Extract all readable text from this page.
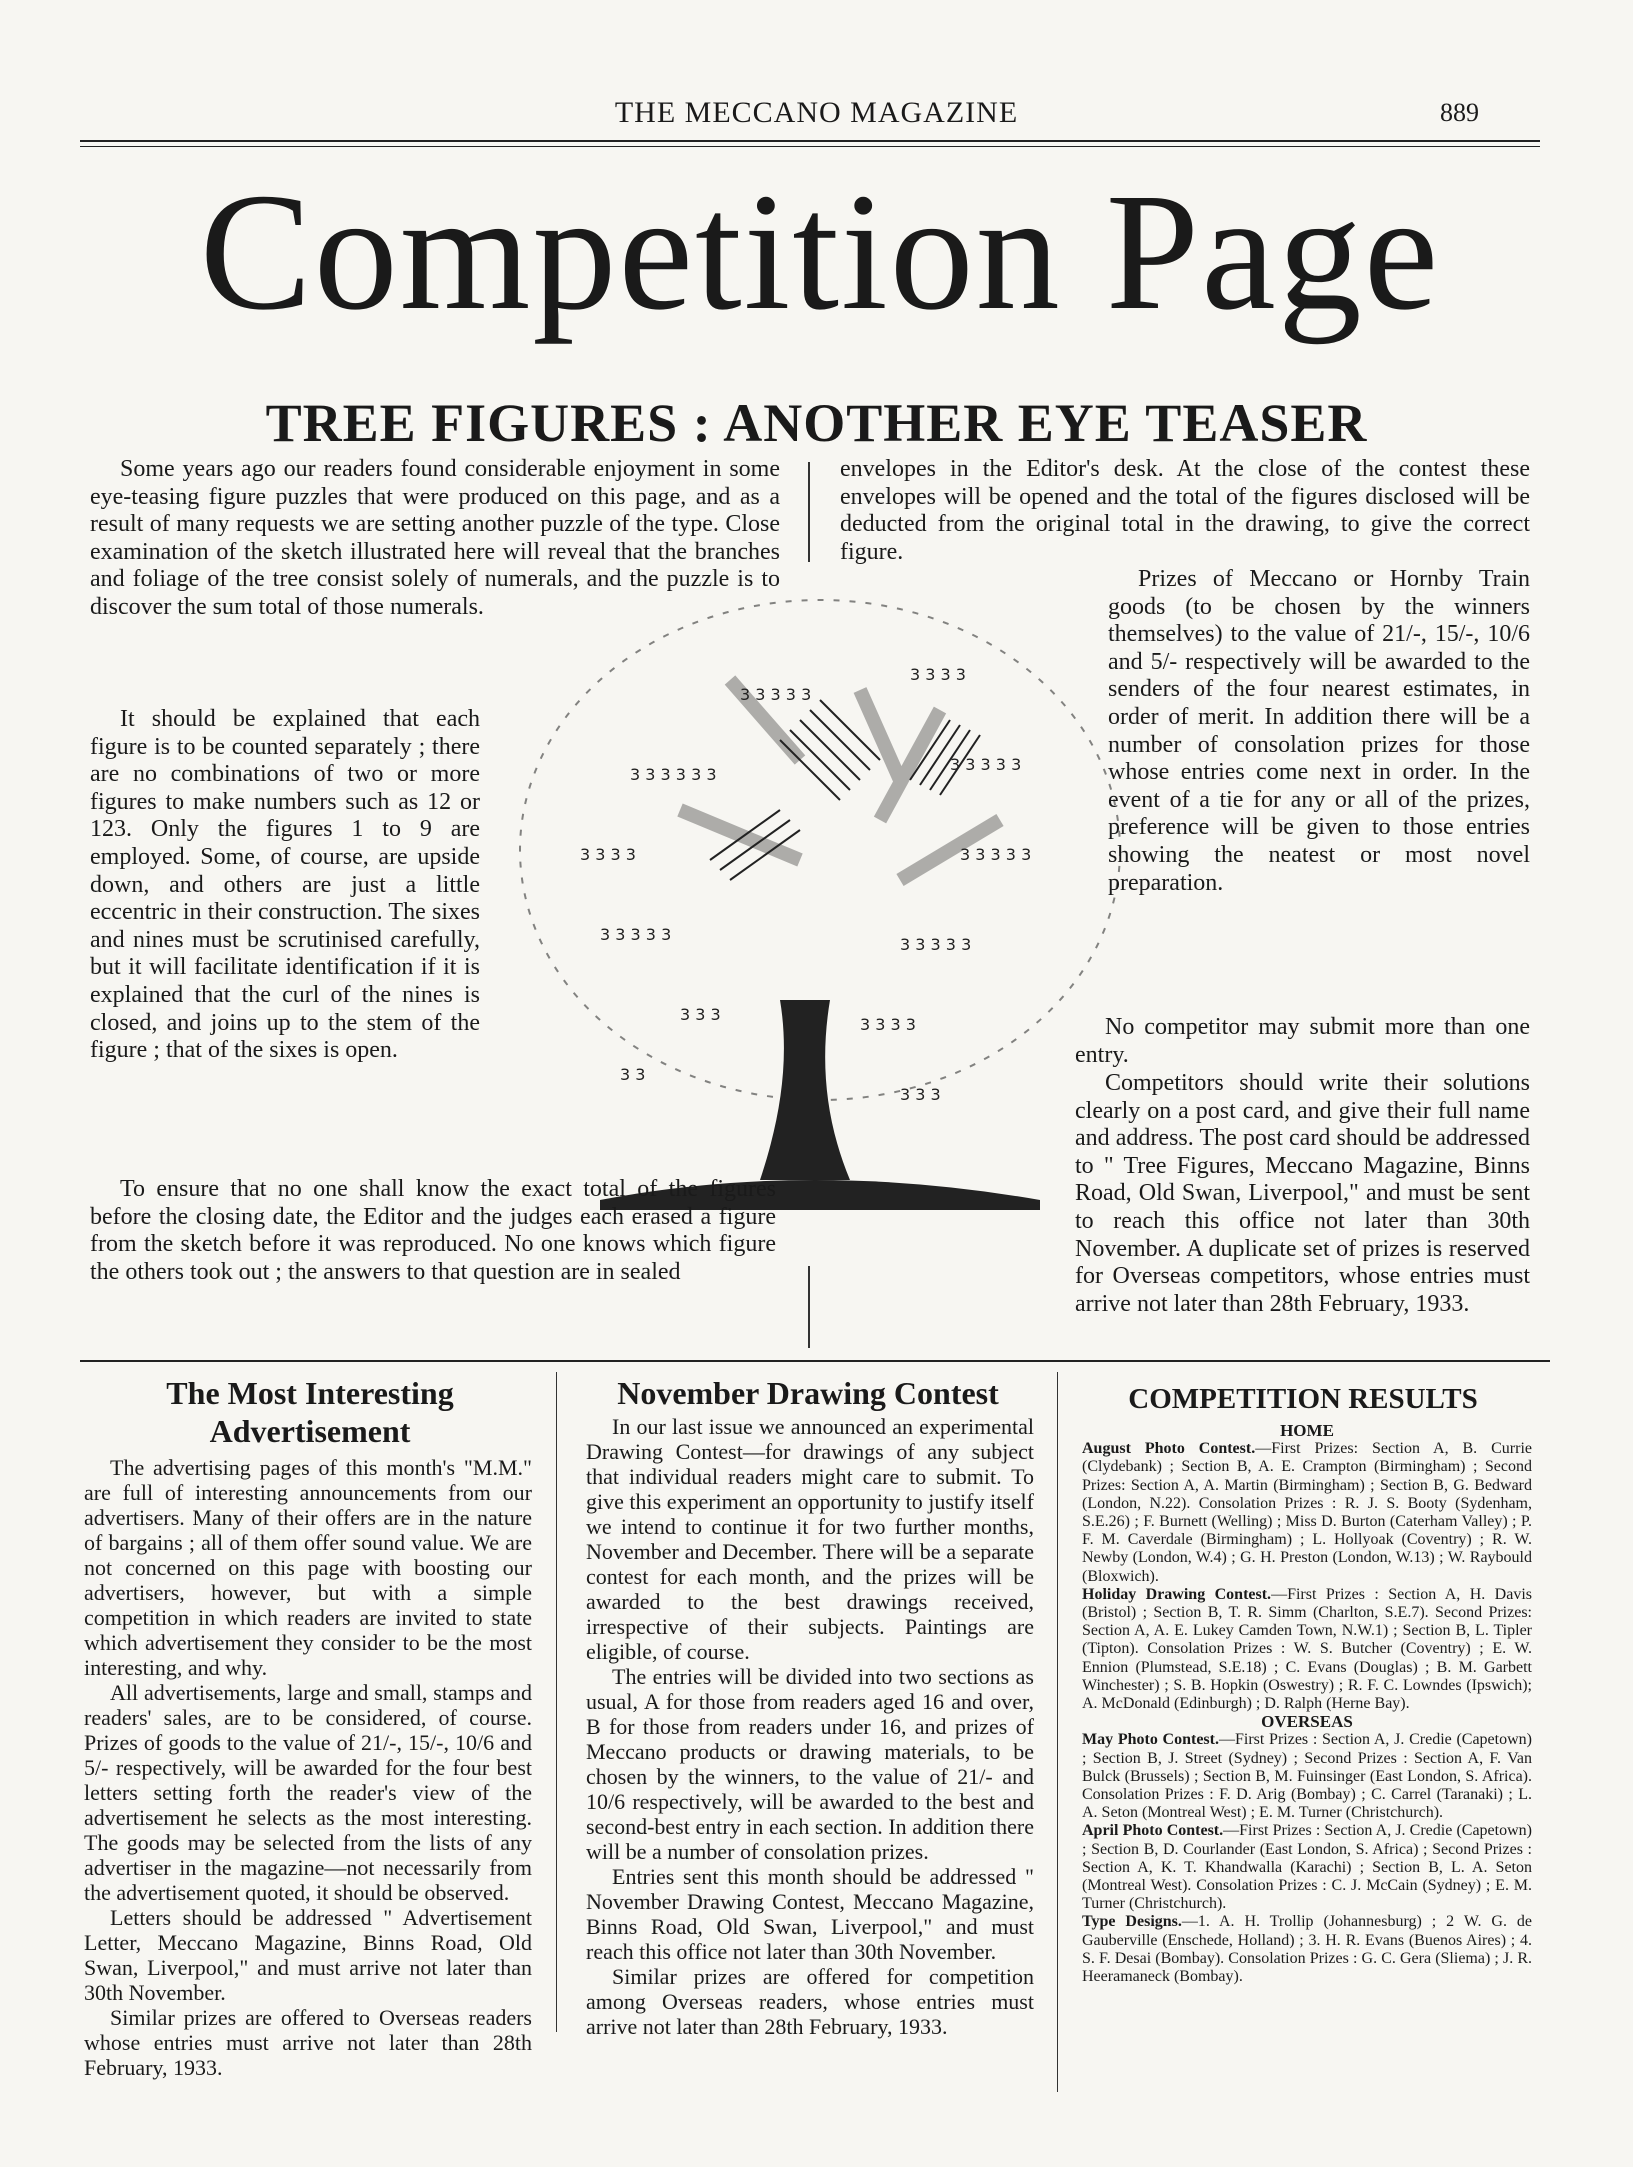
THE MECCANO MAGAZINE	889
Competition Page
TREE FIGURES : ANOTHER EYE TEASER
3 3 3 3 3
3 3 3 3
3 3 3 3 3 3
3 3 3 3 3
3 3 3 3	3 3 3 3 3
3 3 3 3 3
3 3 3 3 3
3 3 3
3 3 3 3
3 3
3 3 3

Some years ago our readers found considerable enjoyment in some eye-teasing figure puzzles that were produced on this page, and as a result of many requests we are setting another puzzle of the type. Close examination of the sketch illustrated here will reveal that the branches and foliage of the tree consist solely of numerals, and the puzzle is to discover the sum total of those numerals.

It should be explained that each figure is to be counted separately ; there are no combinations of two or more figures to make numbers such as 12 or 123. Only the figures 1 to 9 are employed. Some, of course, are upside down, and others are just a little eccentric in their construction. The sixes and nines must be scrutinised carefully, but it will facilitate identification if it is explained that the curl of the nines is closed, and joins up to the stem of the figure ; that of the sixes is open.

To ensure that no one shall know the exact total of the figures before the closing date, the Editor and the judges each erased a figure from the sketch before it was reproduced. No one knows which figure the others took out ; the answers to that question are in sealed

envelopes in the Editor's desk. At the close of the contest these envelopes will be opened and the total of the figures disclosed will be deducted from the original total in the drawing, to give the correct figure.

Prizes of Meccano or Hornby Train goods (to be chosen by the winners themselves) to the value of 21/-, 15/-, 10/6 and 5/- respectively will be awarded to the senders of the four nearest estimates, in order of merit. In addition there will be a number of consolation prizes for those whose entries come next in order. In the event of a tie for any or all of the prizes, preference will be given to those entries showing the neatest or most novel preparation.

No competitor may submit more than one entry.

Competitors should write their solutions clearly on a post card, and give their full name and address. The post card should be addressed to " Tree Figures, Meccano Magazine, Binns Road, Old Swan, Liverpool," and must be sent to reach this office not later than 30th November. A duplicate set of prizes is reserved for Overseas competitors, whose entries must arrive not later than 28th February, 1933.

The Most Interesting Advertisement

The advertising pages of this month's "M.M." are full of interesting announcements from our advertisers. Many of their offers are in the nature of bargains ; all of them offer sound value. We are not concerned on this page with boosting our advertisers, however, but with a simple competition in which readers are invited to state which advertisement they consider to be the most interesting, and why.

All advertisements, large and small, stamps and readers' sales, are to be considered, of course. Prizes of goods to the value of 21/-, 15/-, 10/6 and 5/- respectively, will be awarded for the four best letters setting forth the reader's view of the advertisement he selects as the most interesting. The goods may be selected from the lists of any advertiser in the magazine—not necessarily from the advertisement quoted, it should be observed.

Letters should be addressed " Advertisement Letter, Meccano Magazine, Binns Road, Old Swan, Liverpool," and must arrive not later than 30th November.

Similar prizes are offered to Overseas readers whose entries must arrive not later than 28th February, 1933.

November Drawing Contest

In our last issue we announced an experimental Drawing Contest—for drawings of any subject that individual readers might care to submit. To give this experiment an opportunity to justify itself we intend to continue it for two further months, November and December. There will be a separate contest for each month, and the prizes will be awarded to the best drawings received, irrespective of their subjects. Paintings are eligible, of course.

The entries will be divided into two sections as usual, A for those from readers aged 16 and over, B for those from readers under 16, and prizes of Meccano products or drawing materials, to be chosen by the winners, to the value of 21/- and 10/6 respectively, will be awarded to the best and second-best entry in each section. In addition there will be a number of consolation prizes.

Entries sent this month should be addressed " November Drawing Contest, Meccano Magazine, Binns Road, Old Swan, Liverpool," and must reach this office not later than 30th November.

Similar prizes are offered for competition among Overseas readers, whose entries must arrive not later than 28th February, 1933.

COMPETITION RESULTS

HOME

August Photo Contest.—First Prizes: Section A, B. Currie (Clydebank) ; Section B, A. E. Crampton (Birmingham) ; Second Prizes: Section A, A. Martin (Birmingham) ; Section B, G. Bedward (London, N.22). Consolation Prizes : R. J. S. Booty (Sydenham, S.E.26) ; F. Burnett (Welling) ; Miss D. Burton (Caterham Valley) ; P. F. M. Caverdale (Birmingham) ; L. Hollyoak (Coventry) ; R. W. Newby (London, W.4) ; G. H. Preston (London, W.13) ; W. Raybould (Bloxwich).

Holiday Drawing Contest.—First Prizes : Section A, H. Davis (Bristol) ; Section B, T. R. Simm (Charlton, S.E.7). Second Prizes: Section A, A. E. Lukey Camden Town, N.W.1) ; Section B, L. Tipler (Tipton). Consolation Prizes : W. S. Butcher (Coventry) ; E. W. Ennion (Plumstead, S.E.18) ; C. Evans (Douglas) ; B. M. Garbett Winchester) ; S. B. Hopkin (Oswestry) ; R. F. C. Lowndes (Ipswich); A. McDonald (Edinburgh) ; D. Ralph (Herne Bay).

OVERSEAS

May Photo Contest.—First Prizes : Section A, J. Credie (Capetown) ; Section B, J. Street (Sydney) ; Second Prizes : Section A, F. Van Bulck (Brussels) ; Section B, M. Fuinsinger (East London, S. Africa). Consolation Prizes : F. D. Arig (Bombay) ; C. Carrel (Taranaki) ; L. A. Seton (Montreal West) ; E. M. Turner (Christchurch).

April Photo Contest.—First Prizes : Section A, J. Credie (Capetown) ; Section B, D. Courlander (East London, S. Africa) ; Second Prizes : Section A, K. T. Khandwalla (Karachi) ; Section B, L. A. Seton (Montreal West). Consolation Prizes : C. J. McCain (Sydney) ; E. M. Turner (Christchurch).

Type Designs.—1. A. H. Trollip (Johannesburg) ; 2 W. G. de Gauberville (Enschede, Holland) ; 3. H. R. Evans (Buenos Aires) ; 4. S. F. Desai (Bombay). Consolation Prizes : G. C. Gera (Sliema) ; J. R. Heeramaneck (Bombay).
